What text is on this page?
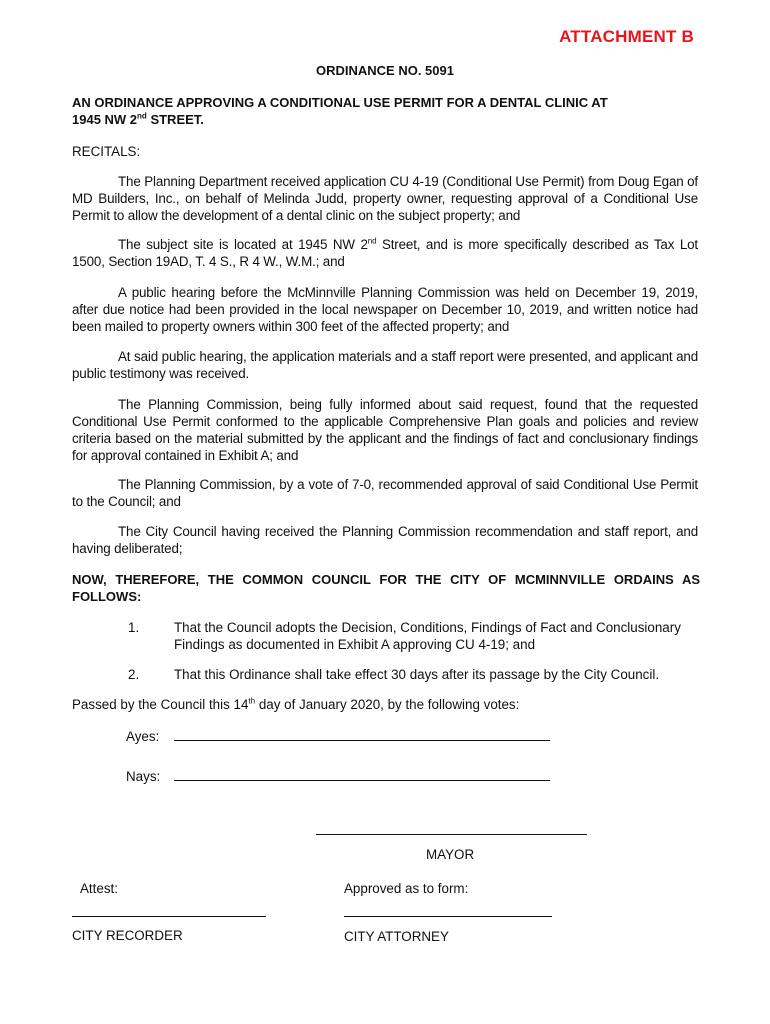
ATTACHMENT B
ORDINANCE NO. 5091
AN ORDINANCE APPROVING A CONDITIONAL USE PERMIT FOR A DENTAL CLINIC AT
1945 NW 2nd STREET.
RECITALS:
The Planning Department received application CU 4-19 (Conditional Use Permit) from Doug Egan of MD Builders, Inc., on behalf of Melinda Judd, property owner, requesting approval of a Conditional Use Permit to allow the development of a dental clinic on the subject property; and
The subject site is located at 1945 NW 2nd Street, and is more specifically described as Tax Lot 1500, Section 19AD, T. 4 S., R 4 W., W.M.; and
A public hearing before the McMinnville Planning Commission was held on December 19, 2019, after due notice had been provided in the local newspaper on December 10, 2019, and written notice had been mailed to property owners within 300 feet of the affected property; and
At said public hearing, the application materials and a staff report were presented, and applicant and public testimony was received.
The Planning Commission, being fully informed about said request, found that the requested Conditional Use Permit conformed to the applicable Comprehensive Plan goals and policies and review criteria based on the material submitted by the applicant and the findings of fact and conclusionary findings for approval contained in Exhibit A; and
The Planning Commission, by a vote of 7-0, recommended approval of said Conditional Use Permit to the Council; and
The City Council having received the Planning Commission recommendation and staff report, and having deliberated;
NOW, THEREFORE, THE COMMON COUNCIL FOR THE CITY OF MCMINNVILLE ORDAINS AS FOLLOWS:
1.	That the Council adopts the Decision, Conditions, Findings of Fact and Conclusionary Findings as documented in Exhibit A approving CU 4-19; and
2.	That this Ordinance shall take effect 30 days after its passage by the City Council.
Passed by the Council this 14th day of January 2020, by the following votes:
Ayes:
Nays:
MAYOR
Attest:	Approved as to form:
CITY RECORDER	CITY ATTORNEY
